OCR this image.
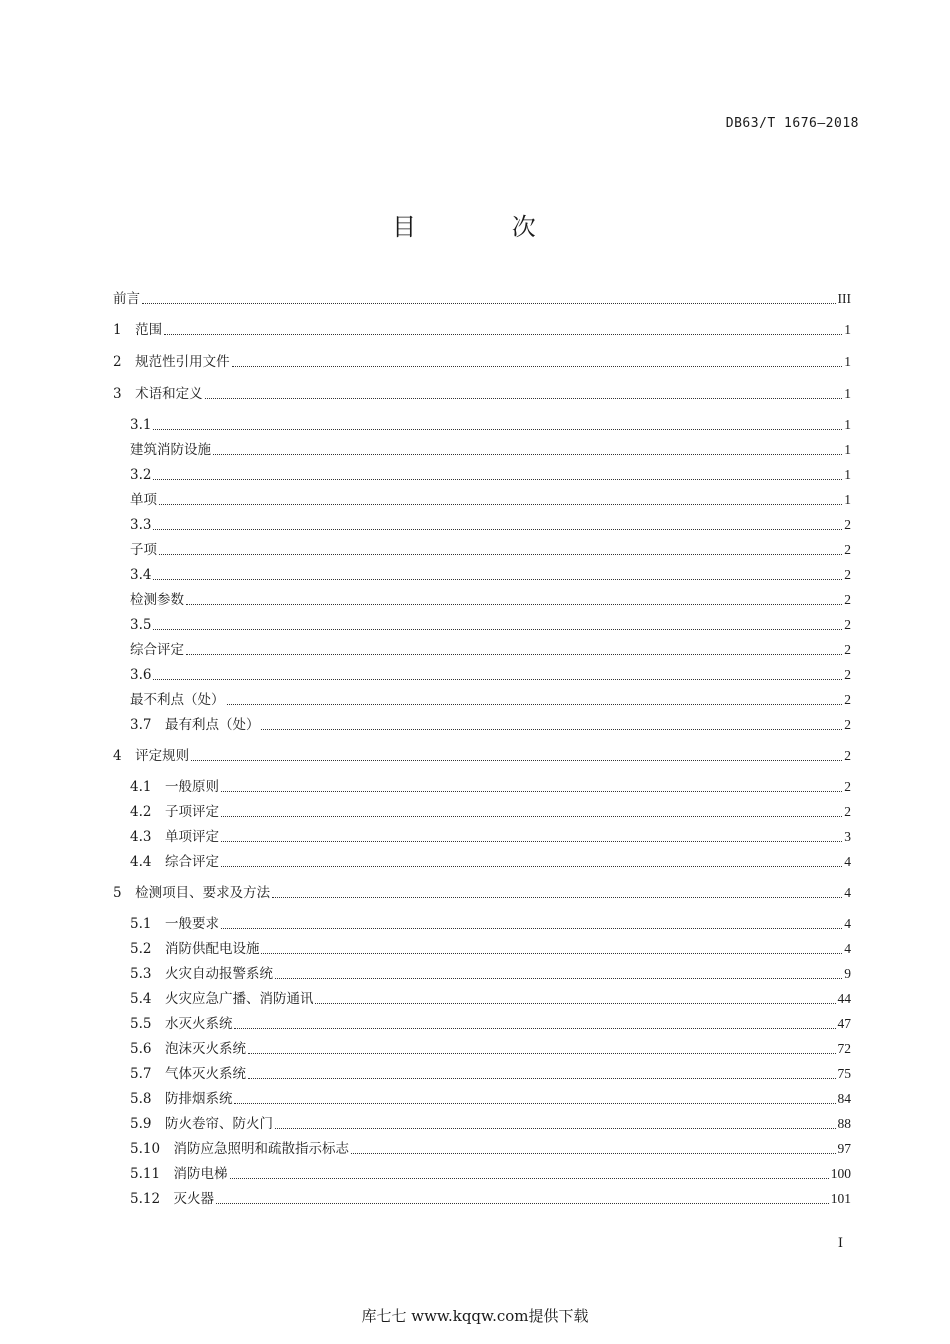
DB63/T 1676—2018
目 次
前言	III
1　范围	1
2　规范性引用文件	1
3　术语和定义	1
3.1	1
建筑消防设施	1
3.2	1
单项	1
3.3	2
子项	2
3.4	2
检测参数	2
3.5	2
综合评定	2
3.6	2
最不利点（处）	2
3.7　最有利点（处）	2
4　评定规则	2
4.1　一般原则	2
4.2　子项评定	2
4.3　单项评定	3
4.4　综合评定	4
5　检测项目、要求及方法	4
5.1　一般要求	4
5.2　消防供配电设施	4
5.3　火灾自动报警系统	9
5.4　火灾应急广播、消防通讯	44
5.5　水灭火系统	47
5.6　泡沫灭火系统	72
5.7　气体灭火系统	75
5.8　防排烟系统	84
5.9　防火卷帘、防火门	88
5.10　消防应急照明和疏散指示标志	97
5.11　消防电梯	100
5.12　灭火器	101
I
库七七 www.kqqw.com提供下载
